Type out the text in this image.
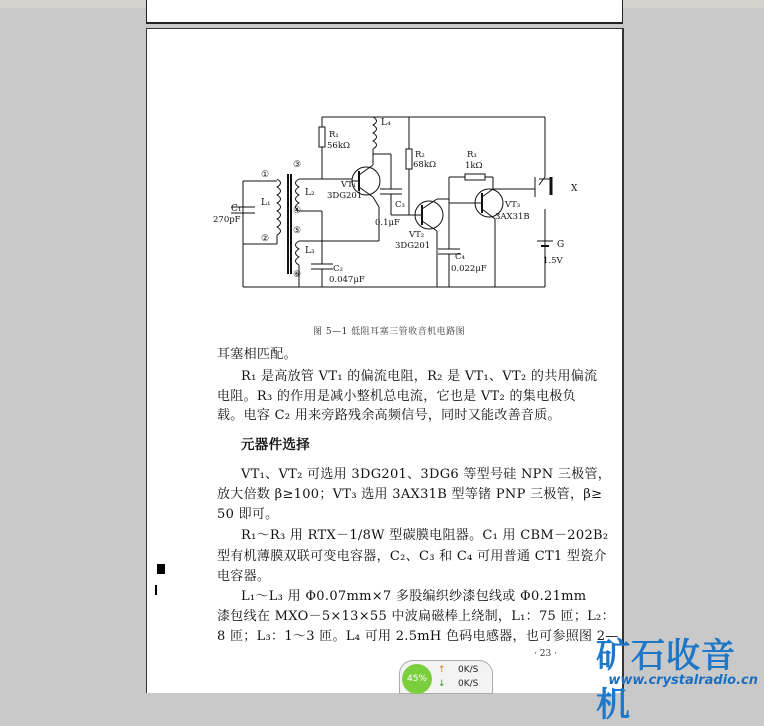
C₁
270pF
L₁
L₂
L₃
L₄
R₁
56kΩ
R₂
68kΩ
R₃
1kΩ
VT₁
3DG201
VT₂
3DG201
VT₃
3AX31B
C₂
0.047μF
C₃
0.1μF
C₄
0.022μF
G
1.5V
X
①
②
③
④
⑤
⑥
图 5—1 低阻耳塞三管收音机电路图
耳塞相匹配。
R₁ 是高放管 VT₁ 的偏流电阻，R₂ 是 VT₁、VT₂ 的共用偏流
电阻。R₃ 的作用是减小整机总电流，它也是 VT₂ 的集电极负
载。电容 C₂ 用来旁路残余高频信号，同时又能改善音质。
元器件选择
VT₁、VT₂ 可选用 3DG201、3DG6 等型号硅 NPN 三极管，
放大倍数 β≥100；VT₃ 选用 3AX31B 型等锗 PNP 三极管，β≥
50 即可。
R₁～R₃ 用 RTX－1/8W 型碳膜电阻器。C₁ 用 CBM－202B₂
型有机薄膜双联可变电容器，C₂、C₃ 和 C₄ 可用普通 CT1 型瓷介
电容器。
L₁～L₃ 用 Φ0.07mm×7 多股编织纱漆包线或 Φ0.21mm
漆包线在 MXO－5×13×55 中波扁磁棒上绕制，L₁：75 匝；L₂：
8 匝；L₃：1～3 匝。L₄ 可用 2.5mH 色码电感器，也可参照图 2—
· 23 · 矿石收音机
www.crystalradio.cn
45%
↑
↓
0K/S
0K/S
